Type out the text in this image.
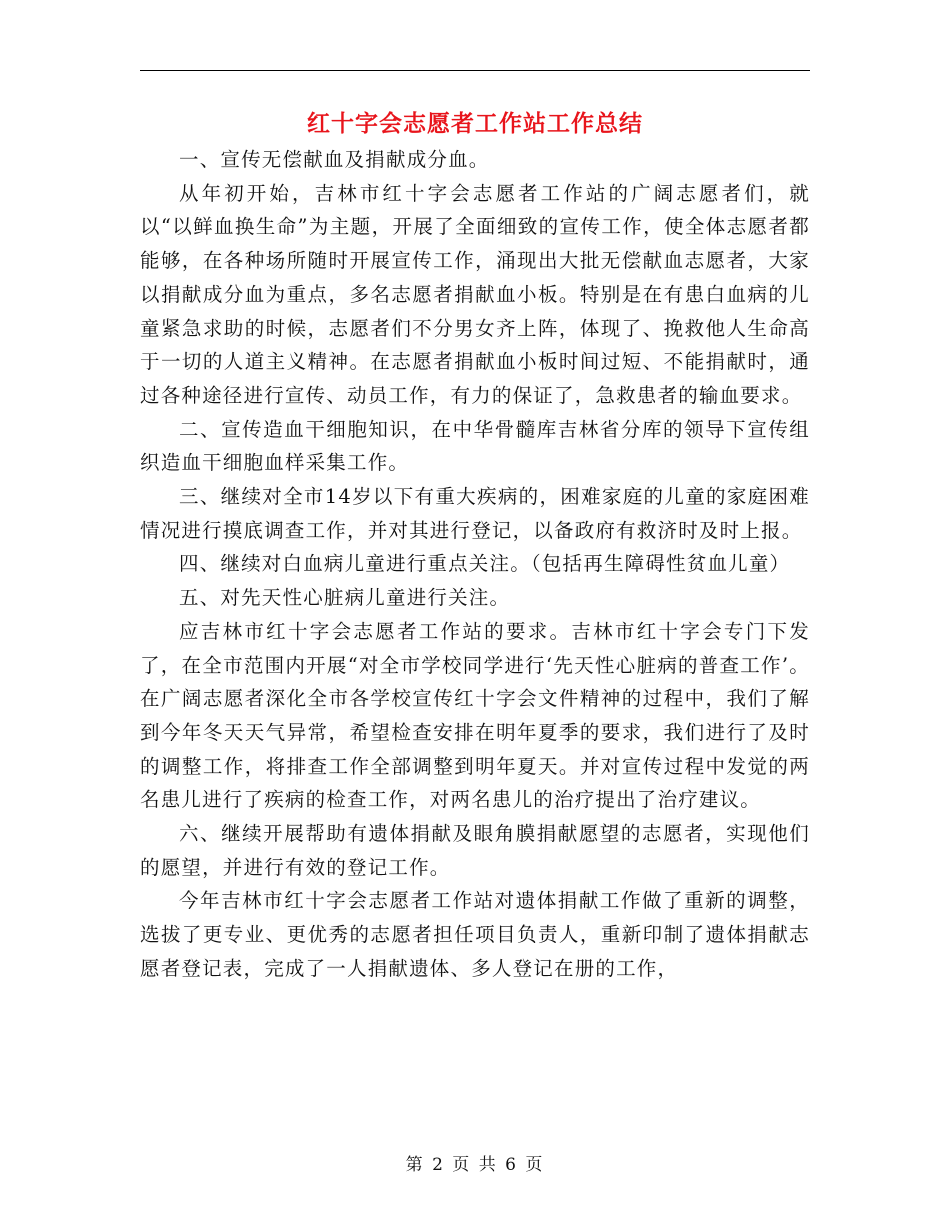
红十字会志愿者工作站工作总结

一、宣传无偿献血及捐献成分血。

从年初开始，吉林市红十字会志愿者工作站的广阔志愿者们，就以“以鲜血换生命”为主题，开展了全面细致的宣传工作，使全体志愿者都能够，在各种场所随时开展宣传工作，涌现出大批无偿献血志愿者，大家以捐献成分血为重点，多名志愿者捐献血小板。特别是在有患白血病的儿童紧急求助的时候，志愿者们不分男女齐上阵，体现了、挽救他人生命高于一切的人道主义精神。在志愿者捐献血小板时间过短、不能捐献时，通过各种途径进行宣传、动员工作，有力的保证了，急救患者的输血要求。

二、宣传造血干细胞知识，在中华骨髓库吉林省分库的领导下宣传组织造血干细胞血样采集工作。

三、继续对全市14岁以下有重大疾病的，困难家庭的儿童的家庭困难情况进行摸底调查工作，并对其进行登记，以备政府有救济时及时上报。

四、继续对白血病儿童进行重点关注。（包括再生障碍性贫血儿童）

五、对先天性心脏病儿童进行关注。

应吉林市红十字会志愿者工作站的要求。吉林市红十字会专门下发了，在全市范围内开展“对全市学校同学进行‘先天性心脏病的普查工作’。在广阔志愿者深化全市各学校宣传红十字会文件精神的过程中，我们了解到今年冬天天气异常，希望检查安排在明年夏季的要求，我们进行了及时的调整工作，将排查工作全部调整到明年夏天。并对宣传过程中发觉的两名患儿进行了疾病的检查工作，对两名患儿的治疗提出了治疗建议。

六、继续开展帮助有遗体捐献及眼角膜捐献愿望的志愿者，实现他们的愿望，并进行有效的登记工作。

今年吉林市红十字会志愿者工作站对遗体捐献工作做了重新的调整，选拔了更专业、更优秀的志愿者担任项目负责人，重新印制了遗体捐献志愿者登记表，完成了一人捐献遗体、多人登记在册的工作，

第 2 页 共 6 页
